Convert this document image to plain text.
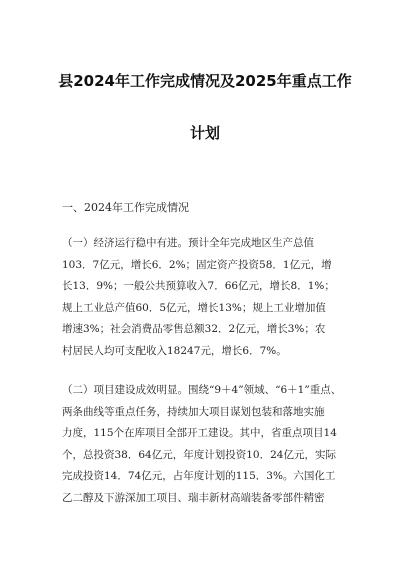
县2024年工作完成情况及2025年重点工作
计划
一、2024年工作完成情况
（一）经济运行稳中有进。预计全年完成地区生产总值
103．7亿元，增长6．2%；固定资产投资58．1亿元，增
长13．9%；一般公共预算收入7．66亿元，增长8．1%；
规上工业总产值60．5亿元，增长13%；规上工业增加值
增速3%；社会消费品零售总额32．2亿元，增长3%；农
村居民人均可支配收入18247元，增长6．7%。
（二）项目建设成效明显。围绕“9＋4”领域、“6＋1”重点、
两条曲线等重点任务，持续加大项目谋划包装和落地实施
力度，115个在库项目全部开工建设。其中，省重点项目14
个，总投资38．64亿元，年度计划投资10．24亿元，实际
完成投资14．74亿元，占年度计划的115．3%。六国化工
乙二醇及下游深加工项目、瑞丰新材高端装备零部件精密
